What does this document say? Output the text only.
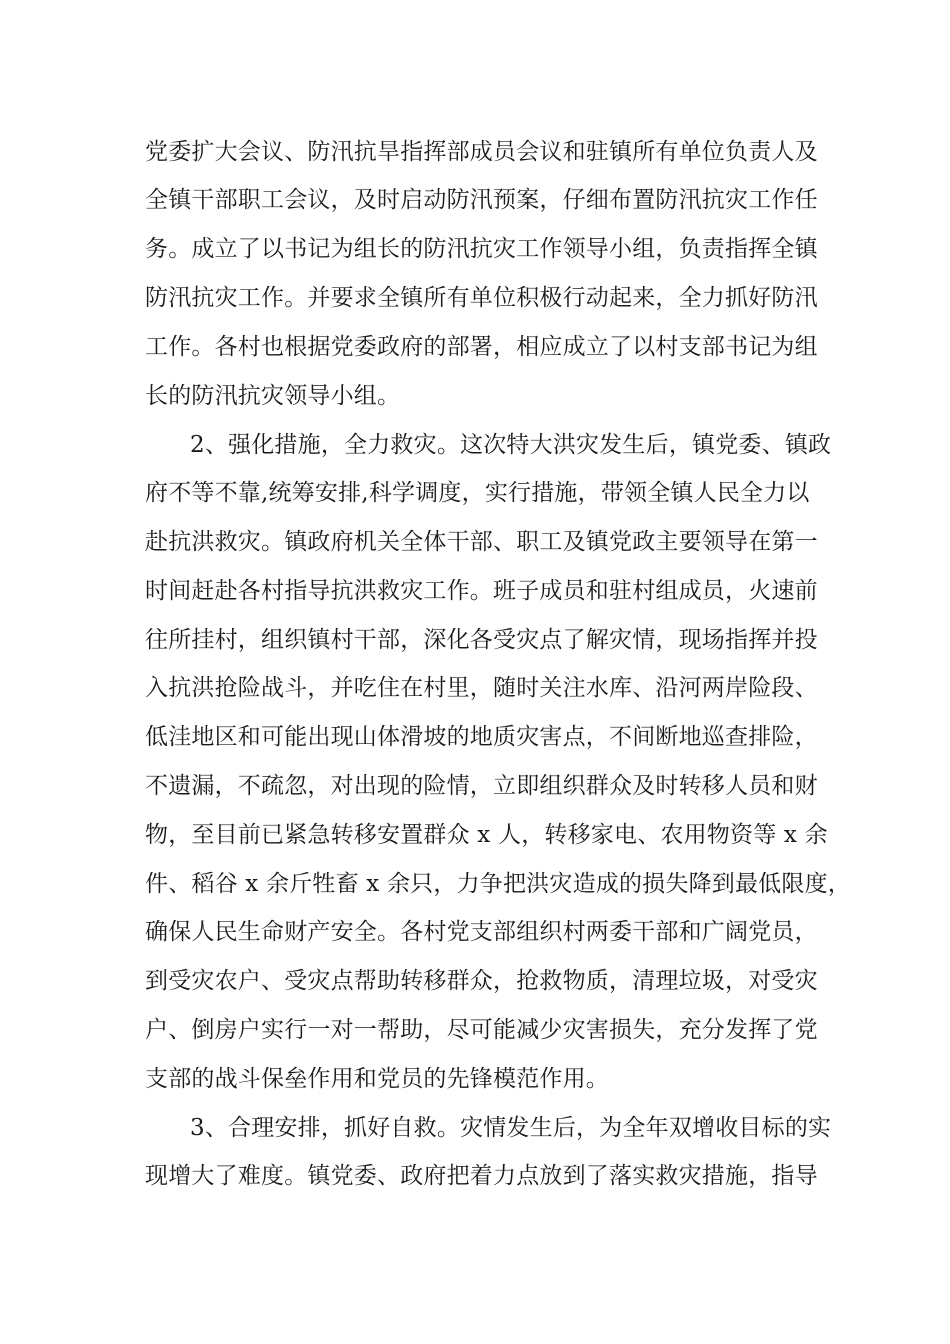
党委扩大会议、防汛抗旱指挥部成员会议和驻镇所有单位负责人及
全镇干部职工会议，及时启动防汛预案，仔细布置防汛抗灾工作任
务。成立了以书记为组长的防汛抗灾工作领导小组，负责指挥全镇
防汛抗灾工作。并要求全镇所有单位积极行动起来，全力抓好防汛
工作。各村也根据党委政府的部署，相应成立了以村支部书记为组
长的防汛抗灾领导小组。
2、强化措施，全力救灾。这次特大洪灾发生后，镇党委、镇政
府不等不靠,统筹安排,科学调度，实行措施，带领全镇人民全力以
赴抗洪救灾。镇政府机关全体干部、职工及镇党政主要领导在第一
时间赶赴各村指导抗洪救灾工作。班子成员和驻村组成员，火速前
往所挂村，组织镇村干部，深化各受灾点了解灾情，现场指挥并投
入抗洪抢险战斗，并吃住在村里，随时关注水库、沿河两岸险段、
低洼地区和可能出现山体滑坡的地质灾害点，不间断地巡查排险，
不遗漏，不疏忽，对出现的险情，立即组织群众及时转移人员和财
物，至目前已紧急转移安置群众 x 人，转移家电、农用物资等 x 余
件、稻谷 x 余斤牲畜 x 余只，力争把洪灾造成的损失降到最低限度，
确保人民生命财产安全。各村党支部组织村两委干部和广阔党员，
到受灾农户、受灾点帮助转移群众，抢救物质，清理垃圾，对受灾
户、倒房户实行一对一帮助，尽可能减少灾害损失，充分发挥了党
支部的战斗保垒作用和党员的先锋模范作用。
3、合理安排，抓好自救。灾情发生后，为全年双增收目标的实
现增大了难度。镇党委、政府把着力点放到了落实救灾措施，指导
